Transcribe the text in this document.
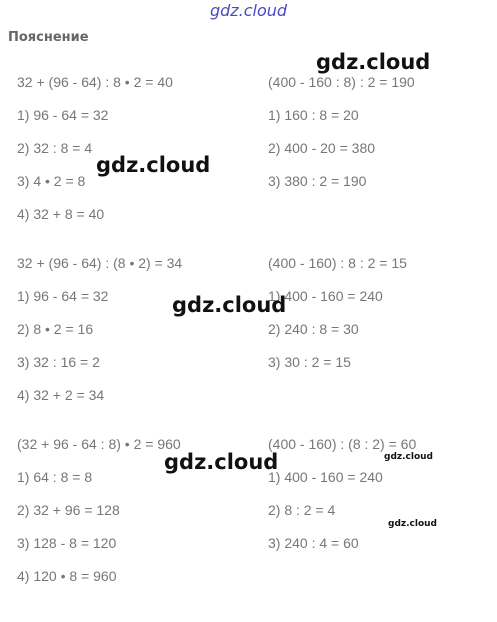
gdz.cloud
Пояснение
32 + (96 - 64) : 8 • 2 = 40
1) 96 - 64 = 32
2) 32 : 8 = 4
3) 4 • 2 = 8
4) 32 + 8 = 40
(400 - 160 : 8) : 2 = 190
1) 160 : 8 = 20
2) 400 - 20 = 380
3) 380 : 2 = 190
32 + (96 - 64) : (8 • 2) = 34
1) 96 - 64 = 32
2) 8 • 2 = 16
3) 32 : 16 = 2
4) 32 + 2 = 34
(400 - 160) : 8 : 2 = 15
1) 400 - 160 = 240
2) 240 : 8 = 30
3) 30 : 2 = 15
(32 + 96 - 64 : 8) • 2 = 960
1) 64 : 8 = 8
2) 32 + 96 = 128
3) 128 - 8 = 120
4) 120 • 8 = 960
(400 - 160) : (8 : 2) = 60
1) 400 - 160 = 240
2) 8 : 2 = 4
3) 240 : 4 = 60
gdz.cloud
gdz.cloud
gdz.cloud
gdz.cloud	gdz.cloud
gdz.cloud
